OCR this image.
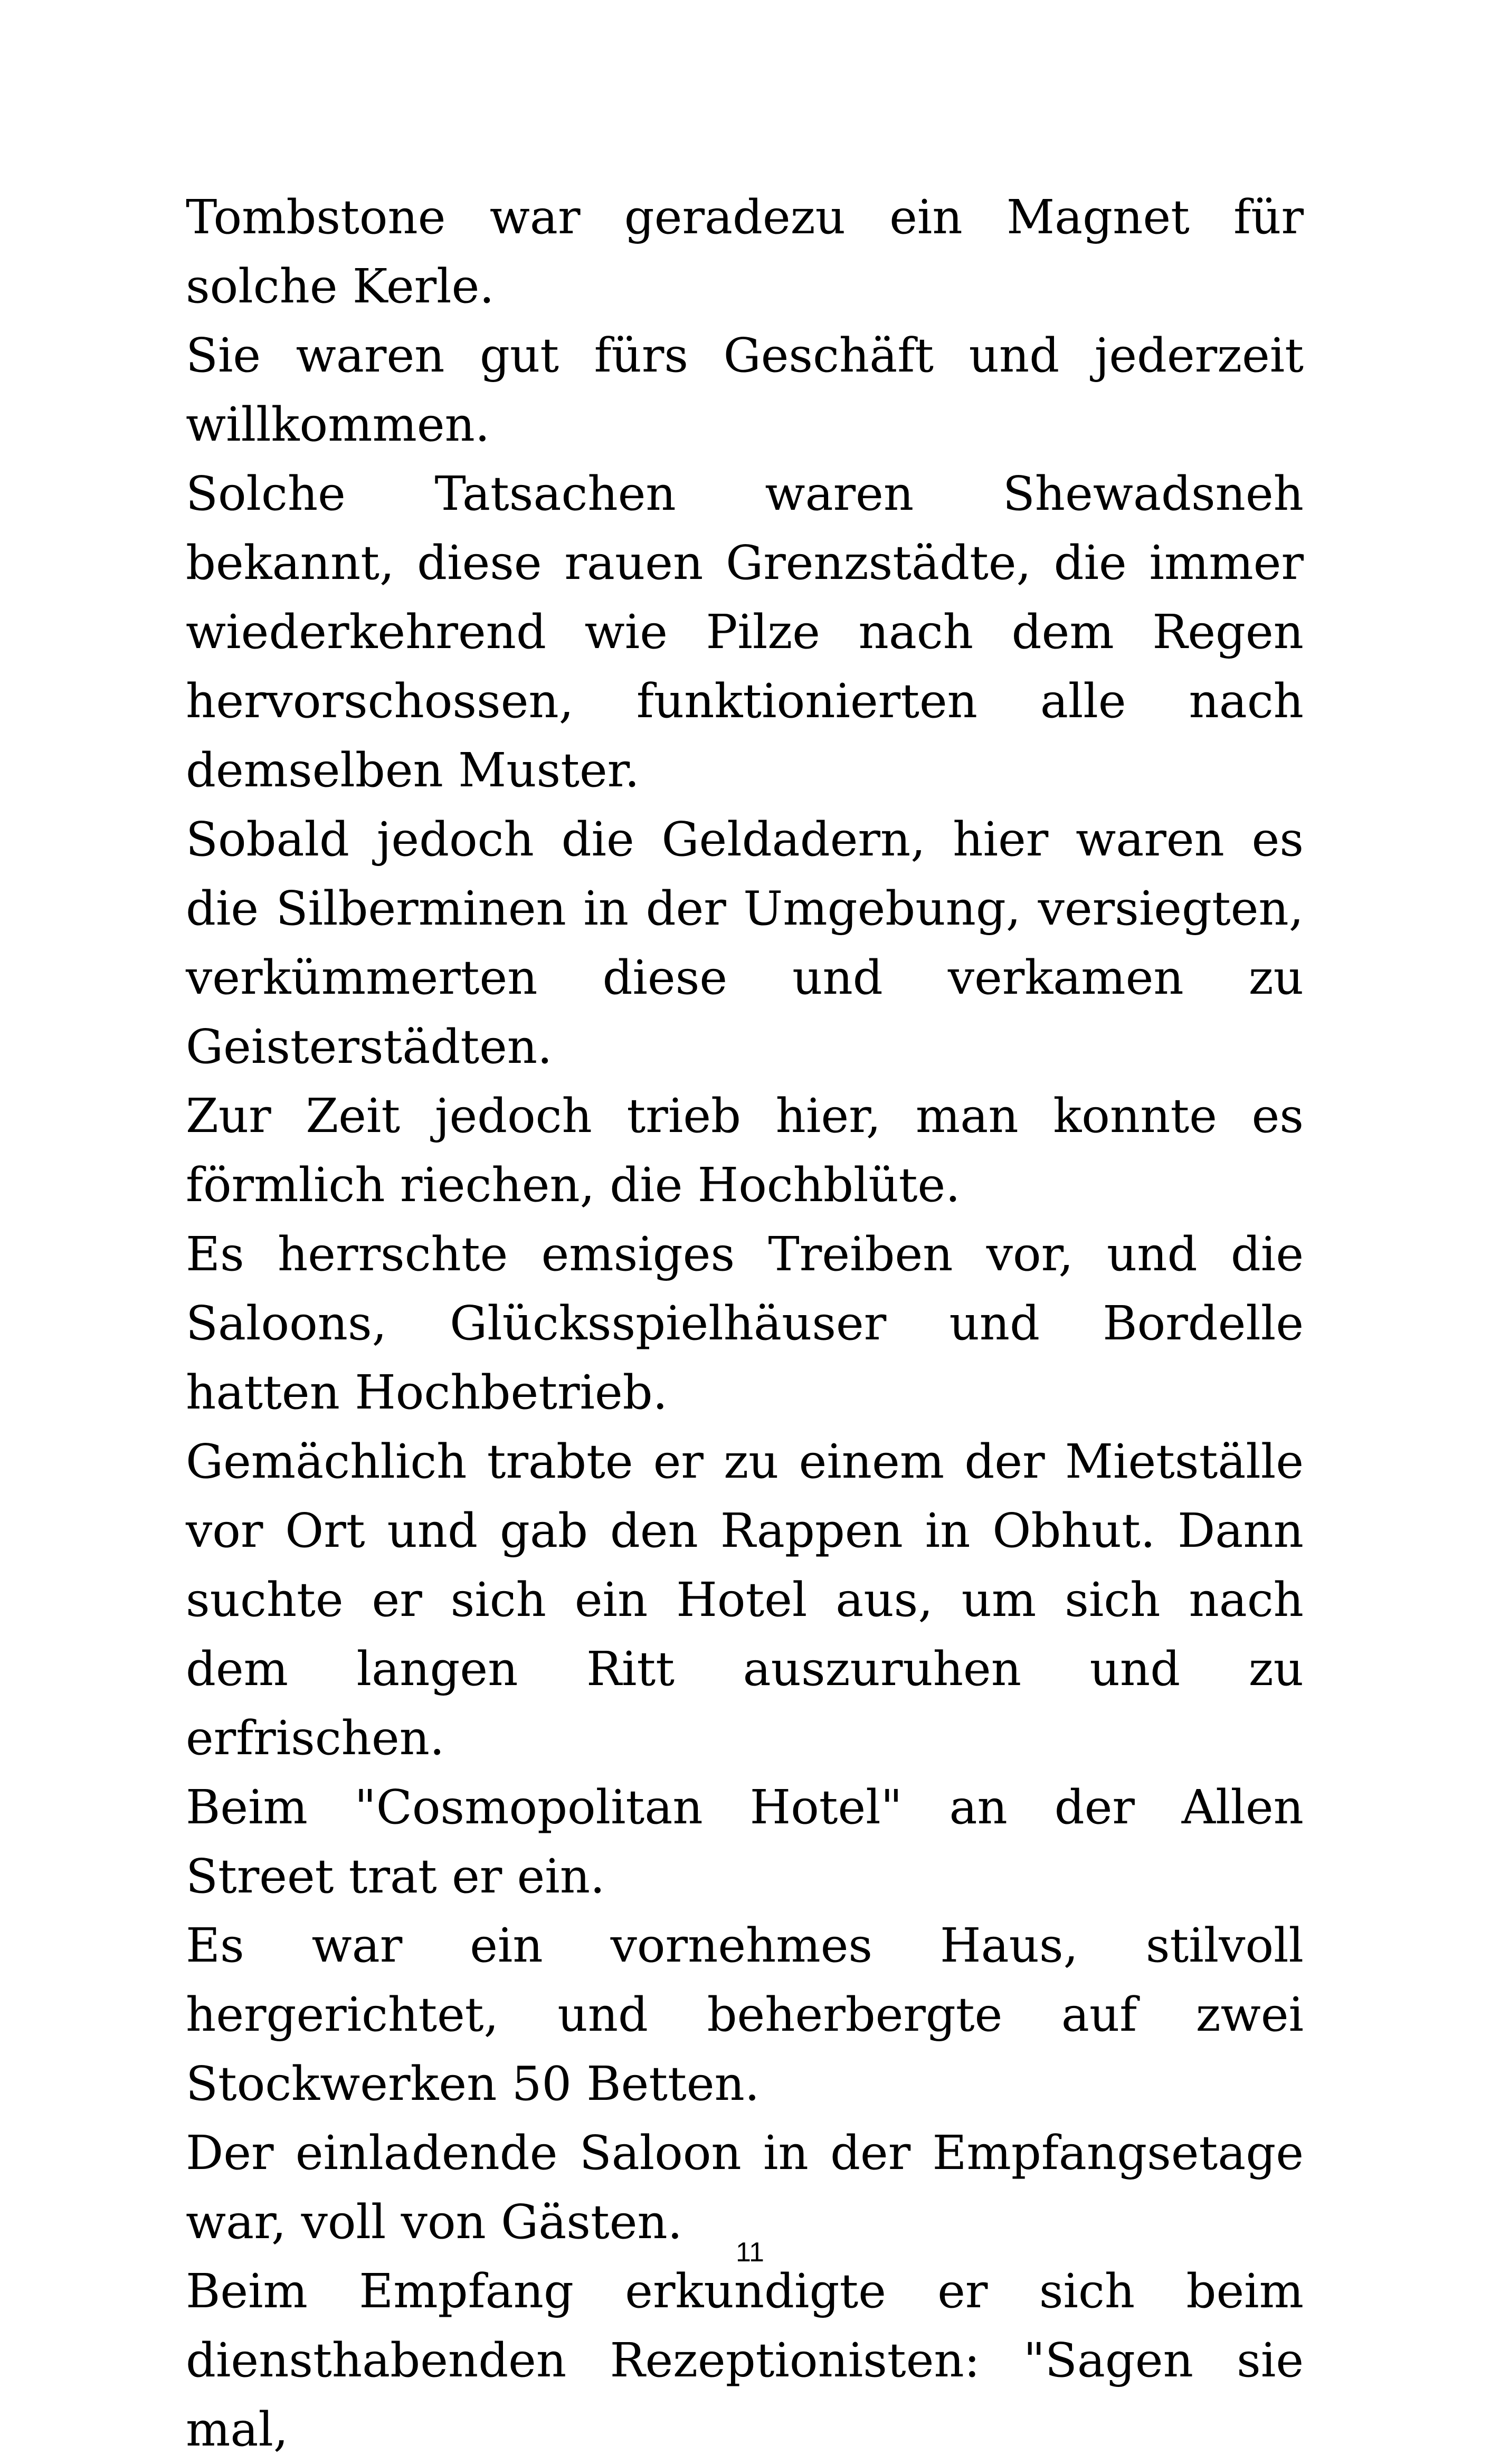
Tombstone war geradezu ein Magnet für solche Kerle.

Sie waren gut fürs Geschäft und jederzeit willkommen.

Solche Tatsachen waren Shewadsneh bekannt, diese rauen Grenzstädte, die immer wiederkehrend wie Pilze nach dem Regen hervorschossen, funktionierten alle nach demselben Muster.

Sobald jedoch die Geldadern, hier waren es die Silberminen in der Umgebung, versiegten, verkümmerten diese und verkamen zu Geisterstädten.

Zur Zeit jedoch trieb hier, man konnte es förmlich riechen, die Hochblüte.

Es herrschte emsiges Treiben vor, und die Saloons, Glücksspielhäuser und Bordelle hatten Hochbetrieb.

Gemächlich trabte er zu einem der Mietställe vor Ort und gab den Rappen in Obhut. Dann suchte er sich ein Hotel aus, um sich nach dem langen Ritt auszuruhen und zu erfrischen.

Beim "Cosmopolitan Hotel" an der Allen Street trat er ein.

Es war ein vornehmes Haus, stilvoll hergerichtet, und beherbergte auf zwei Stockwerken 50 Betten.

Der einladende Saloon in der Empfangsetage war, voll von Gästen.

Beim Empfang erkundigte er sich beim diensthabenden Rezeptionisten: "Sagen sie mal,

11
